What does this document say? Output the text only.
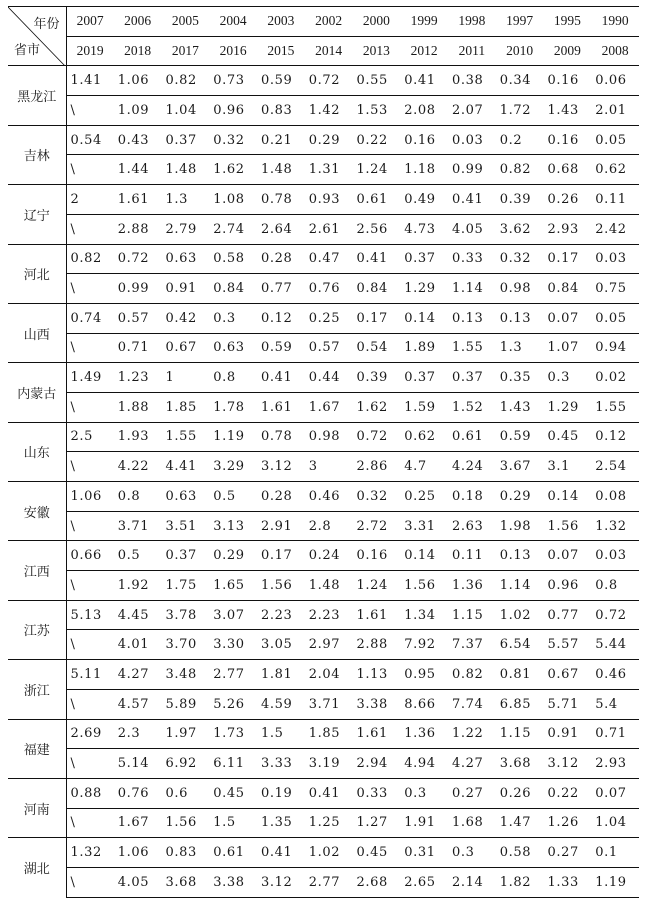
年份
省市	2007	2006	2005	2004	2003	2002	2000	1999	1998	1997	1995	1990
	2019	2018	2017	2016	2015	2014	2013	2012	2011	2010	2009	2008
黑龙江	1.41	1.06	0.82	0.73	0.59	0.72	0.55	0.41	0.38	0.34	0.16	0.06
	\	1.09	1.04	0.96	0.83	1.42	1.53	2.08	2.07	1.72	1.43	2.01
吉林	0.54	0.43	0.37	0.32	0.21	0.29	0.22	0.16	0.03	0.2	0.16	0.05
	\	1.44	1.48	1.62	1.48	1.31	1.24	1.18	0.99	0.82	0.68	0.62
辽宁	2	1.61	1.3	1.08	0.78	0.93	0.61	0.49	0.41	0.39	0.26	0.11
	\	2.88	2.79	2.74	2.64	2.61	2.56	4.73	4.05	3.62	2.93	2.42
河北	0.82	0.72	0.63	0.58	0.28	0.47	0.41	0.37	0.33	0.32	0.17	0.03
	\	0.99	0.91	0.84	0.77	0.76	0.84	1.29	1.14	0.98	0.84	0.75
山西	0.74	0.57	0.42	0.3	0.12	0.25	0.17	0.14	0.13	0.13	0.07	0.05
	\	0.71	0.67	0.63	0.59	0.57	0.54	1.89	1.55	1.3	1.07	0.94
内蒙古	1.49	1.23	1	0.8	0.41	0.44	0.39	0.37	0.37	0.35	0.3	0.02
	\	1.88	1.85	1.78	1.61	1.67	1.62	1.59	1.52	1.43	1.29	1.55
山东	2.5	1.93	1.55	1.19	0.78	0.98	0.72	0.62	0.61	0.59	0.45	0.12
	\	4.22	4.41	3.29	3.12	3	2.86	4.7	4.24	3.67	3.1	2.54
安徽	1.06	0.8	0.63	0.5	0.28	0.46	0.32	0.25	0.18	0.29	0.14	0.08
	\	3.71	3.51	3.13	2.91	2.8	2.72	3.31	2.63	1.98	1.56	1.32
江西	0.66	0.5	0.37	0.29	0.17	0.24	0.16	0.14	0.11	0.13	0.07	0.03
	\	1.92	1.75	1.65	1.56	1.48	1.24	1.56	1.36	1.14	0.96	0.8
江苏	5.13	4.45	3.78	3.07	2.23	2.23	1.61	1.34	1.15	1.02	0.77	0.72
	\	4.01	3.70	3.30	3.05	2.97	2.88	7.92	7.37	6.54	5.57	5.44
浙江	5.11	4.27	3.48	2.77	1.81	2.04	1.13	0.95	0.82	0.81	0.67	0.46
	\	4.57	5.89	5.26	4.59	3.71	3.38	8.66	7.74	6.85	5.71	5.4
福建	2.69	2.3	1.97	1.73	1.5	1.85	1.61	1.36	1.22	1.15	0.91	0.71
	\	5.14	6.92	6.11	3.33	3.19	2.94	4.94	4.27	3.68	3.12	2.93
河南	0.88	0.76	0.6	0.45	0.19	0.41	0.33	0.3	0.27	0.26	0.22	0.07
	\	1.67	1.56	1.5	1.35	1.25	1.27	1.91	1.68	1.47	1.26	1.04
湖北	1.32	1.06	0.83	0.61	0.41	1.02	0.45	0.31	0.3	0.58	0.27	0.1
	\	4.05	3.68	3.38	3.12	2.77	2.68	2.65	2.14	1.82	1.33	1.19
